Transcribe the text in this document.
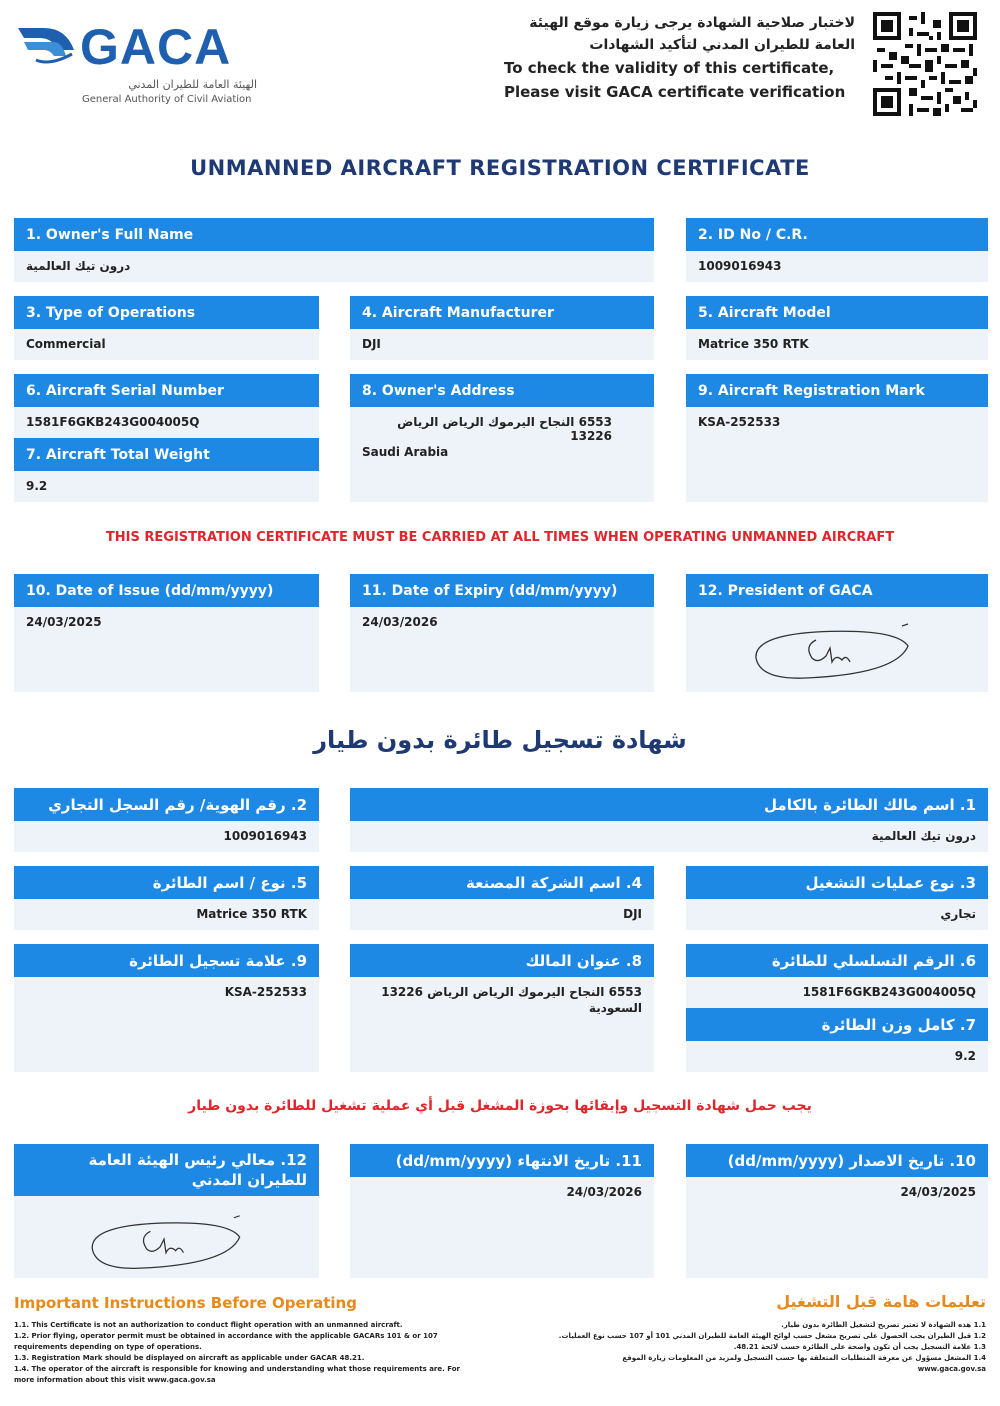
GACA
الهيئة العامة للطيران المدني
General Authority of Civil Aviation
لاختبار صلاحية الشهادة يرجى زيارة موقع الهيئة
العامة للطيران المدني لتأكيد الشهادات
To check the validity of this certificate,
Please visit GACA certificate verification
UNMANNED AIRCRAFT REGISTRATION CERTIFICATE
1. Owner's Full Name
درون تيك العالمية
2. ID No / C.R.
1009016943
3. Type of Operations
Commercial
4. Aircraft Manufacturer
DJI
5. Aircraft Model
Matrice 350 RTK
6. Aircraft Serial Number
1581F6GKB243G004005Q
7. Aircraft Total Weight
9.2
8. Owner's Address
6553 النجاح اليرموك الرياض الرياض 13226
Saudi Arabia
9. Aircraft Registration Mark
KSA-252533
THIS REGISTRATION CERTIFICATE MUST BE CARRIED AT ALL TIMES WHEN OPERATING UNMANNED AIRCRAFT
10. Date of Issue (dd/mm/yyyy)
24/03/2025
11. Date of Expiry (dd/mm/yyyy)
24/03/2026
12. President of GACA
شهادة تسجيل طائرة بدون طيار
2. رقم الهوية/ رقم السجل التجاري
1009016943
1. اسم مالك الطائرة بالكامل
درون تيك العالمية
5. نوع / اسم الطائرة
Matrice 350 RTK
4. اسم الشركة المصنعة
DJI
3. نوع عمليات التشغيل
تجاري
9. علامة تسجيل الطائرة
KSA-252533
8. عنوان المالك
6553 النجاح اليرموك الرياض الرياض 13226
السعودية
6. الرقم التسلسلي للطائرة
1581F6GKB243G004005Q
7. كامل وزن الطائرة
9.2
يجب حمل شهادة التسجيل وإبقائها بحوزة المشغل قبل أي عملية تشغيل للطائرة بدون طيار
12. معالي رئيس الهيئة العامة للطيران المدني
11. تاريخ الانتهاء (dd/mm/yyyy)
24/03/2026
10. تاريخ الاصدار (dd/mm/yyyy)
24/03/2025
Important Instructions Before Operating	تعليمات هامة قبل التشغيل
1.1. This Certificate is not an authorization to conduct flight operation with an unmanned aircraft.
1.2. Prior flying, operator permit must be obtained in accordance with the applicable GACARs 101 & or 107
requirements depending on type of operations.
1.3. Registration Mark should be displayed on aircraft as applicable under GACAR 48.21.
1.4. The operator of the aircraft is responsible for knowing and understanding what those requirements are. For
more information about this visit www.gaca.gov.sa
1.1 هذه الشهادة لا تعتبر تصريح لتشغيل الطائرة بدون طيار.
1.2 قبل الطيران يجب الحصول على تصريح مشغل حسب لوائح الهيئة العامة للطيران المدني 101 أو 107 حسب نوع العمليات.
1.3 علامة التسجيل يجب أن تكون واضحة على الطائرة حسب لائحة 48.21.
1.4 المشغل مسؤول عن معرفة المتطلبات المتعلقة بها حسب التسجيل ولمزيد من المعلومات زيارة الموقع
www.gaca.gov.sa
